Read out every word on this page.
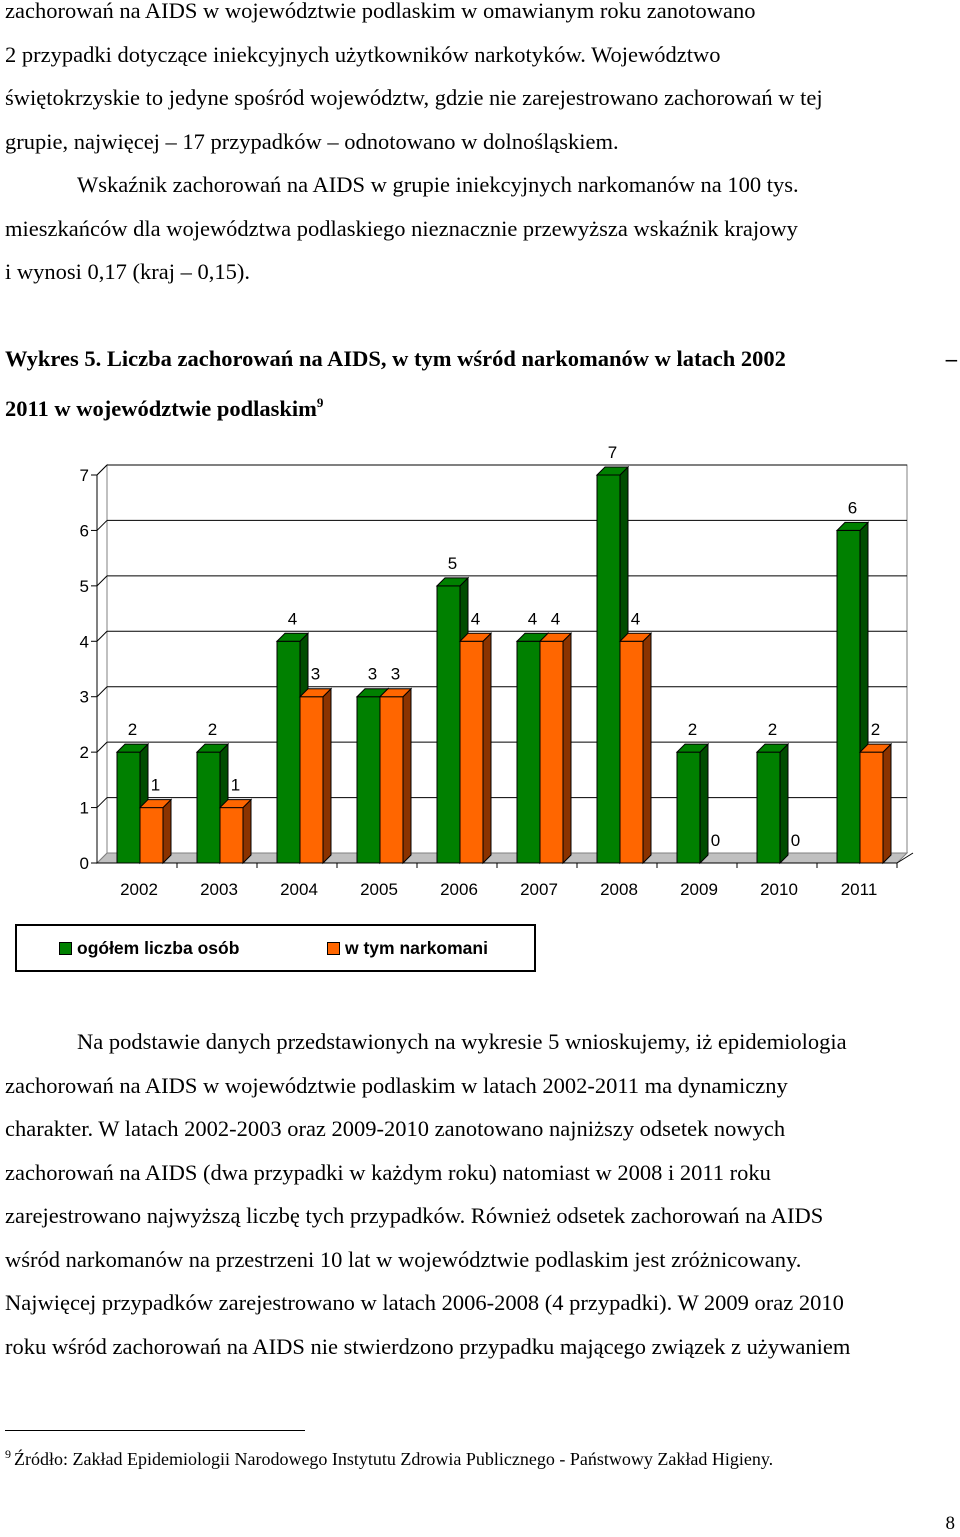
zachorowań na AIDS w województwie podlaskim w omawianym roku zanotowano
2 przypadki dotyczące iniekcyjnych użytkowników narkotyków. Województwo
świętokrzyskie to jedyne spośród województw, gdzie nie zarejestrowano zachorowań w tej
grupie, najwięcej – 17 przypadków – odnotowano w dolnośląskiem.
Wskaźnik zachorowań na AIDS w grupie iniekcyjnych narkomanów na 100 tys.
mieszkańców dla województwa podlaskiego nieznacznie przewyższa wskaźnik krajowy
i wynosi 0,17 (kraj – 0,15).
Wykres 5. Liczba zachorowań na AIDS, w tym wśród narkomanów w latach 2002	–
2011 w województwie podlaskim$^9$
0
1
2
3
4
5
6
7
2
1
2
1
4
3	3 3
5
4	4 4
7
4
2
0
2
0
6
2
2002 2003 2004 2005 2006 2007 2008 2009 2010	2011
ogółem liczba osób	w tym narkomani
Na podstawie danych przedstawionych na wykresie 5 wnioskujemy, iż epidemiologia
zachorowań na AIDS w województwie podlaskim w latach 2002-2011 ma dynamiczny
charakter. W latach 2002-2003 oraz 2009-2010 zanotowano najniższy odsetek nowych
zachorowań na AIDS (dwa przypadki w każdym roku) natomiast w 2008 i 2011 roku
zarejestrowano najwyższą liczbę tych przypadków. Również odsetek zachorowań na AIDS
wśród narkomanów na przestrzeni 10 lat w województwie podlaskim jest zróżnicowany.
Najwięcej przypadków zarejestrowano w latach 2006-2008 (4 przypadki). W 2009 oraz 2010
roku wśród zachorowań na AIDS nie stwierdzono przypadku mającego związek z używaniem
$^9$ Źródło: Zakład Epidemiologii Narodowego Instytutu Zdrowia Publicznego - Państwowy Zakład Higieny.
8
